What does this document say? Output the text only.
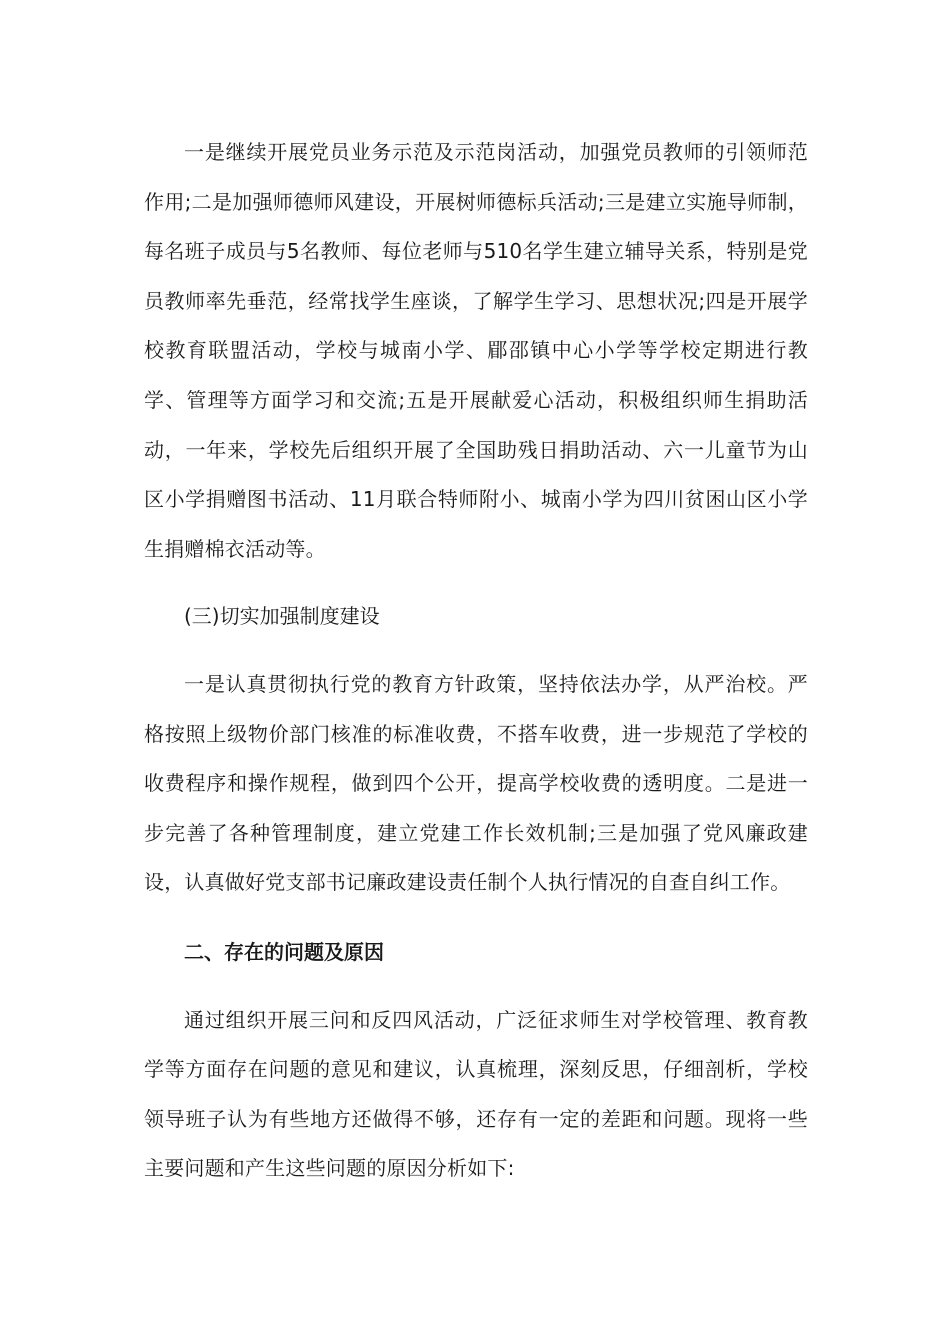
一是继续开展党员业务示范及示范岗活动，加强党员教师的引领师范作用;二是加强师德师风建设，开展树师德标兵活动;三是建立实施导师制，每名班子成员与5名教师、每位老师与510名学生建立辅导关系，特别是党员教师率先垂范，经常找学生座谈，了解学生学习、思想状况;四是开展学校教育联盟活动，学校与城南小学、郿邵镇中心小学等学校定期进行教学、管理等方面学习和交流;五是开展献爱心活动，积极组织师生捐助活动，一年来，学校先后组织开展了全国助残日捐助活动、六一儿童节为山区小学捐赠图书活动、11月联合特师附小、城南小学为四川贫困山区小学生捐赠棉衣活动等。

(三)切实加强制度建设

一是认真贯彻执行党的教育方针政策，坚持依法办学，从严治校。严格按照上级物价部门核准的标准收费，不搭车收费，进一步规范了学校的收费程序和操作规程，做到四个公开，提高学校收费的透明度。二是进一步完善了各种管理制度，建立党建工作长效机制;三是加强了党风廉政建设，认真做好党支部书记廉政建设责任制个人执行情况的自查自纠工作。

二、存在的问题及原因

通过组织开展三问和反四风活动，广泛征求师生对学校管理、教育教学等方面存在问题的意见和建议，认真梳理，深刻反思，仔细剖析，学校领导班子认为有些地方还做得不够，还存有一定的差距和问题。现将一些主要问题和产生这些问题的原因分析如下:
